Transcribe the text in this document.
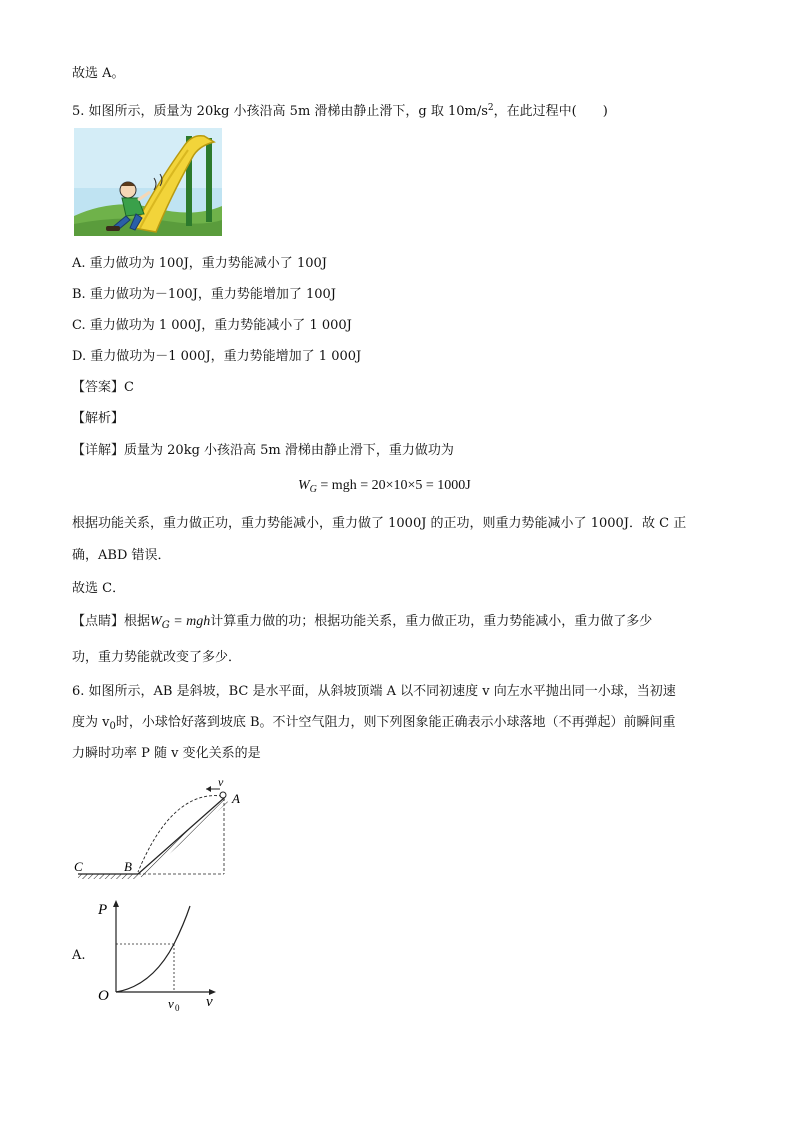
故选 A。
5. 如图所示，质量为 20kg 小孩沿高 5m 滑梯由静止滑下，g 取 $10m/s^2$，在此过程中(　　)
A. 重力做功为 100J，重力势能减小了 100J
B. 重力做功为－100J，重力势能增加了 100J
C. 重力做功为 1 000J，重力势能减小了 1 000J
D. 重力做功为－1 000J，重力势能增加了 1 000J
【答案】C
【解析】
【详解】质量为 20kg 小孩沿高 5m 滑梯由静止滑下，重力做功为
$W_G$ = mgh = 20×10×5 = 1000J
根据功能关系，重力做正功，重力势能减小，重力做了 1000J 的正功，则重力势能减小了 1000J．故 C 正
确，ABD 错误．
故选 C．
【点睛】根据$W_G$ = mgh计算重力做的功；根据功能关系，重力做正功，重力势能减小，重力做了多少
功，重力势能就改变了多少．
6. 如图所示，AB 是斜坡，BC 是水平面，从斜坡顶端 A 以不同初速度 v 向左水平抛出同一小球，当初速
度为 $v_0$时，小球恰好落到坡底 B。不计空气阻力，则下列图象能正确表示小球落地（不再弹起）前瞬间重
力瞬时功率 P 随 v 变化关系的是
v
A
B
C
A.
P
O	v
v 0
